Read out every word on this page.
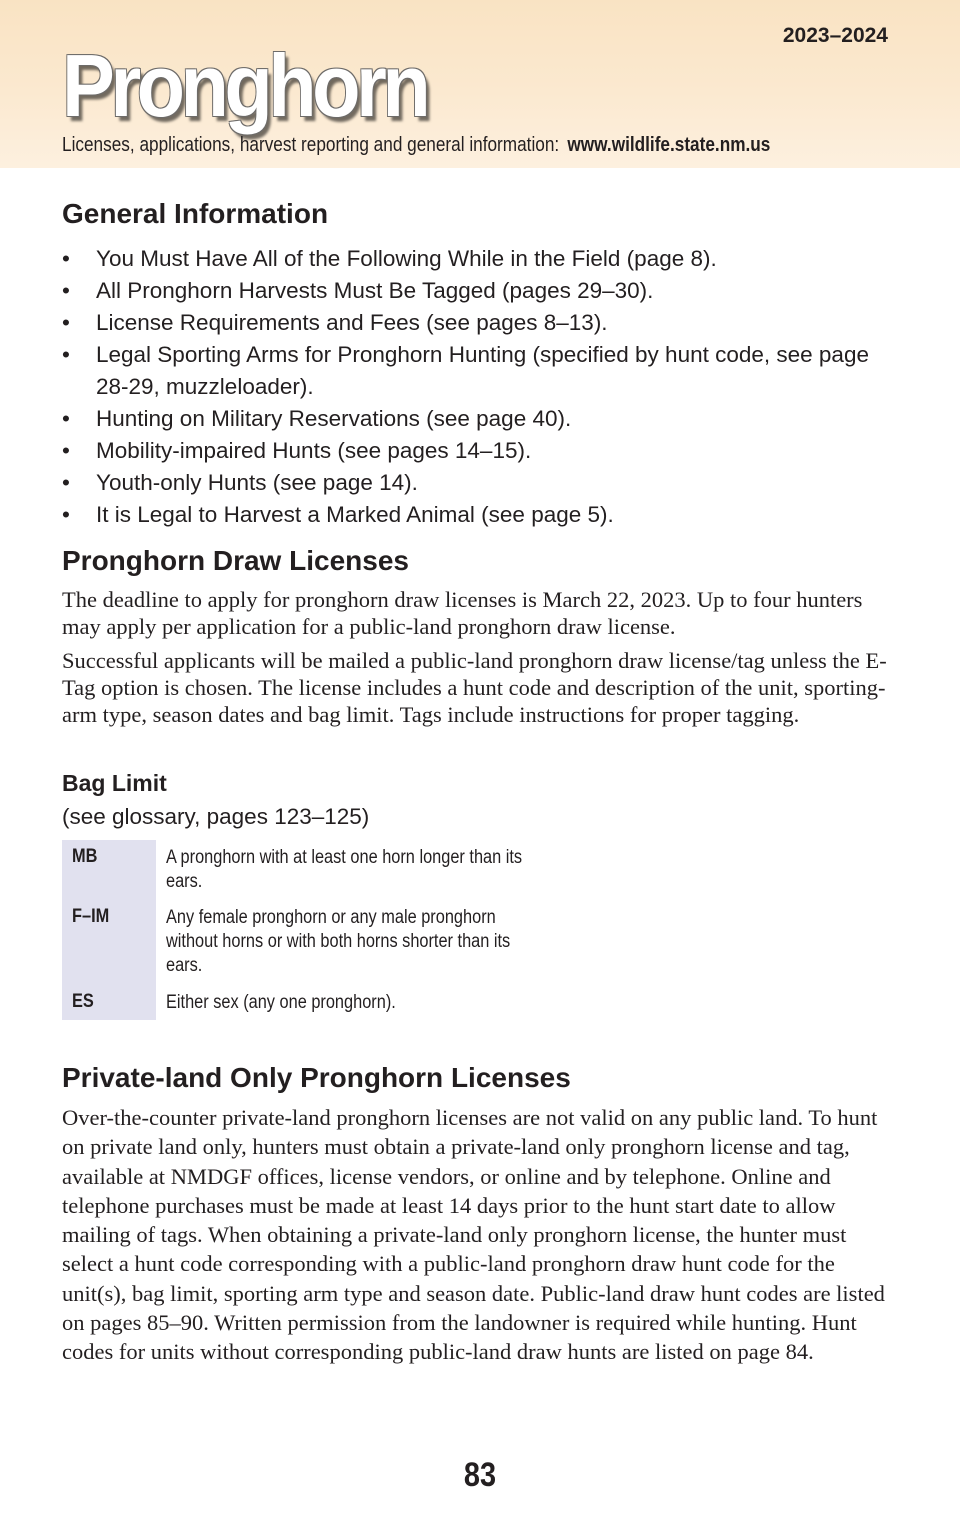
2023–2024
Pronghorn
Licenses, applications, harvest reporting and general information: www.wildlife.state.nm.us
General Information
• You Must Have All of the Following While in the Field (page 8).
• All Pronghorn Harvests Must Be Tagged (pages 29–30).
• License Requirements and Fees (see pages 8–13).
• Legal Sporting Arms for Pronghorn Hunting (specified by hunt code, see page 28-29, muzzleloader).
• Hunting on Military Reservations (see page 40).
• Mobility-impaired Hunts (see pages 14–15).
• Youth-only Hunts (see page 14).
• It is Legal to Harvest a Marked Animal (see page 5).
Pronghorn Draw Licenses

The deadline to apply for pronghorn draw licenses is March 22, 2023. Up to four hunters may apply per application for a public-land pronghorn draw license.

Successful applicants will be mailed a public-land pronghorn draw license/tag unless the E-Tag option is chosen. The license includes a hunt code and description of the unit, sporting-arm type, season dates and bag limit. Tags include instructions for proper tagging.

Bag Limit
(see glossary, pages 123–125)
MB	A pronghorn with at least one horn longer than its ears.
F–IM	Any female pronghorn or any male pronghorn without horns or with both horns shorter than its ears.
ES	Either sex (any one pronghorn).
Private-land Only Pronghorn Licenses

Over-the-counter private-land pronghorn licenses are not valid on any public land. To hunt on private land only, hunters must obtain a private-land only pronghorn license and tag, available at NMDGF offices, license vendors, or online and by telephone. Online and telephone purchases must be made at least 14 days prior to the hunt start date to allow mailing of tags. When obtaining a private-land only pronghorn license, the hunter must select a hunt code corresponding with a public-land pronghorn draw hunt code for the unit(s), bag limit, sporting arm type and season date. Public-land draw hunt codes are listed on pages 85–90. Written permission from the landowner is required while hunting. Hunt codes for units without corresponding public-land draw hunts are listed on page 84.

83
